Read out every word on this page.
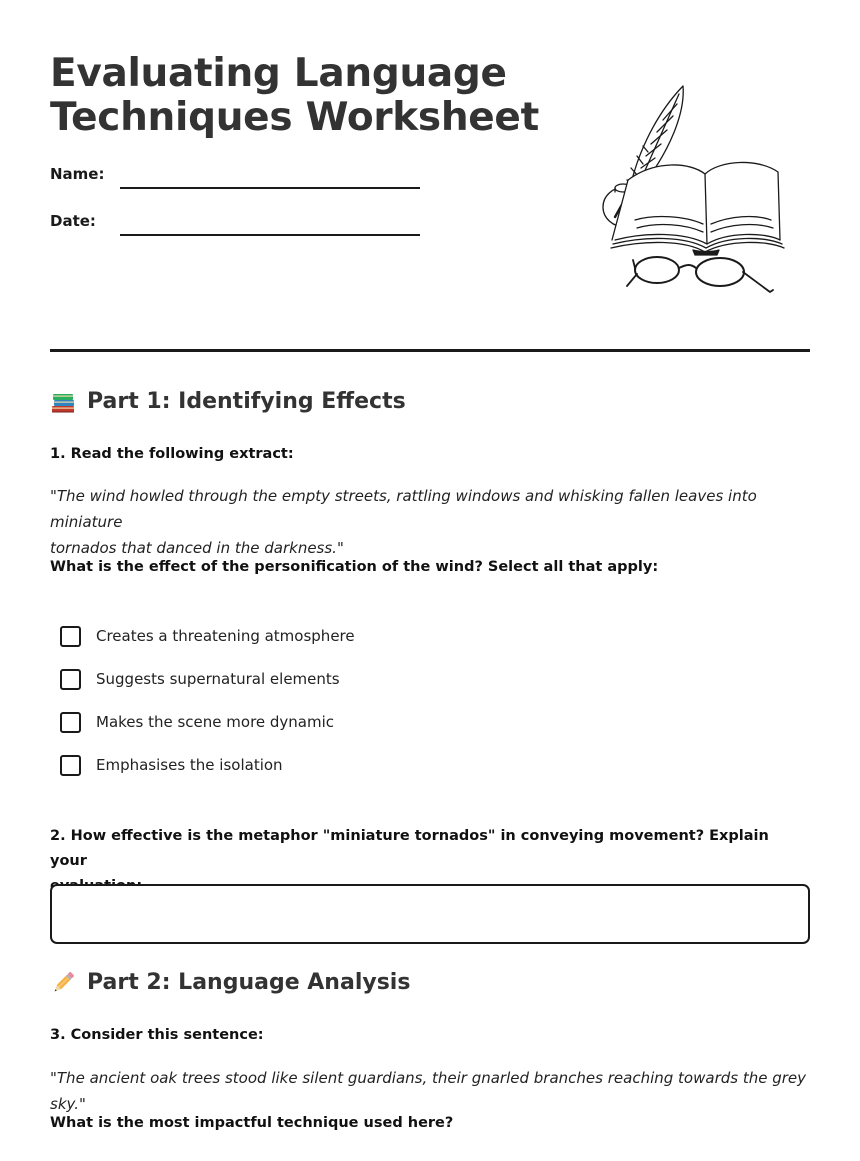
Evaluating Language
Techniques Worksheet
Name:
Date:
Part 1: Identifying Effects
1. Read the following extract:
"The wind howled through the empty streets, rattling windows and whisking fallen leaves into miniature
tornados that danced in the darkness."
What is the effect of the personification of the wind? Select all that apply:
Creates a threatening atmosphere
Suggests supernatural elements
Makes the scene more dynamic
Emphasises the isolation
2. How effective is the metaphor "miniature tornados" in conveying movement? Explain your

Part 2: Language Analysis
3. Consider this sentence:
"The ancient oak trees stood like silent guardians, their gnarled branches reaching towards the grey sky."
What is the most impactful technique used here?
